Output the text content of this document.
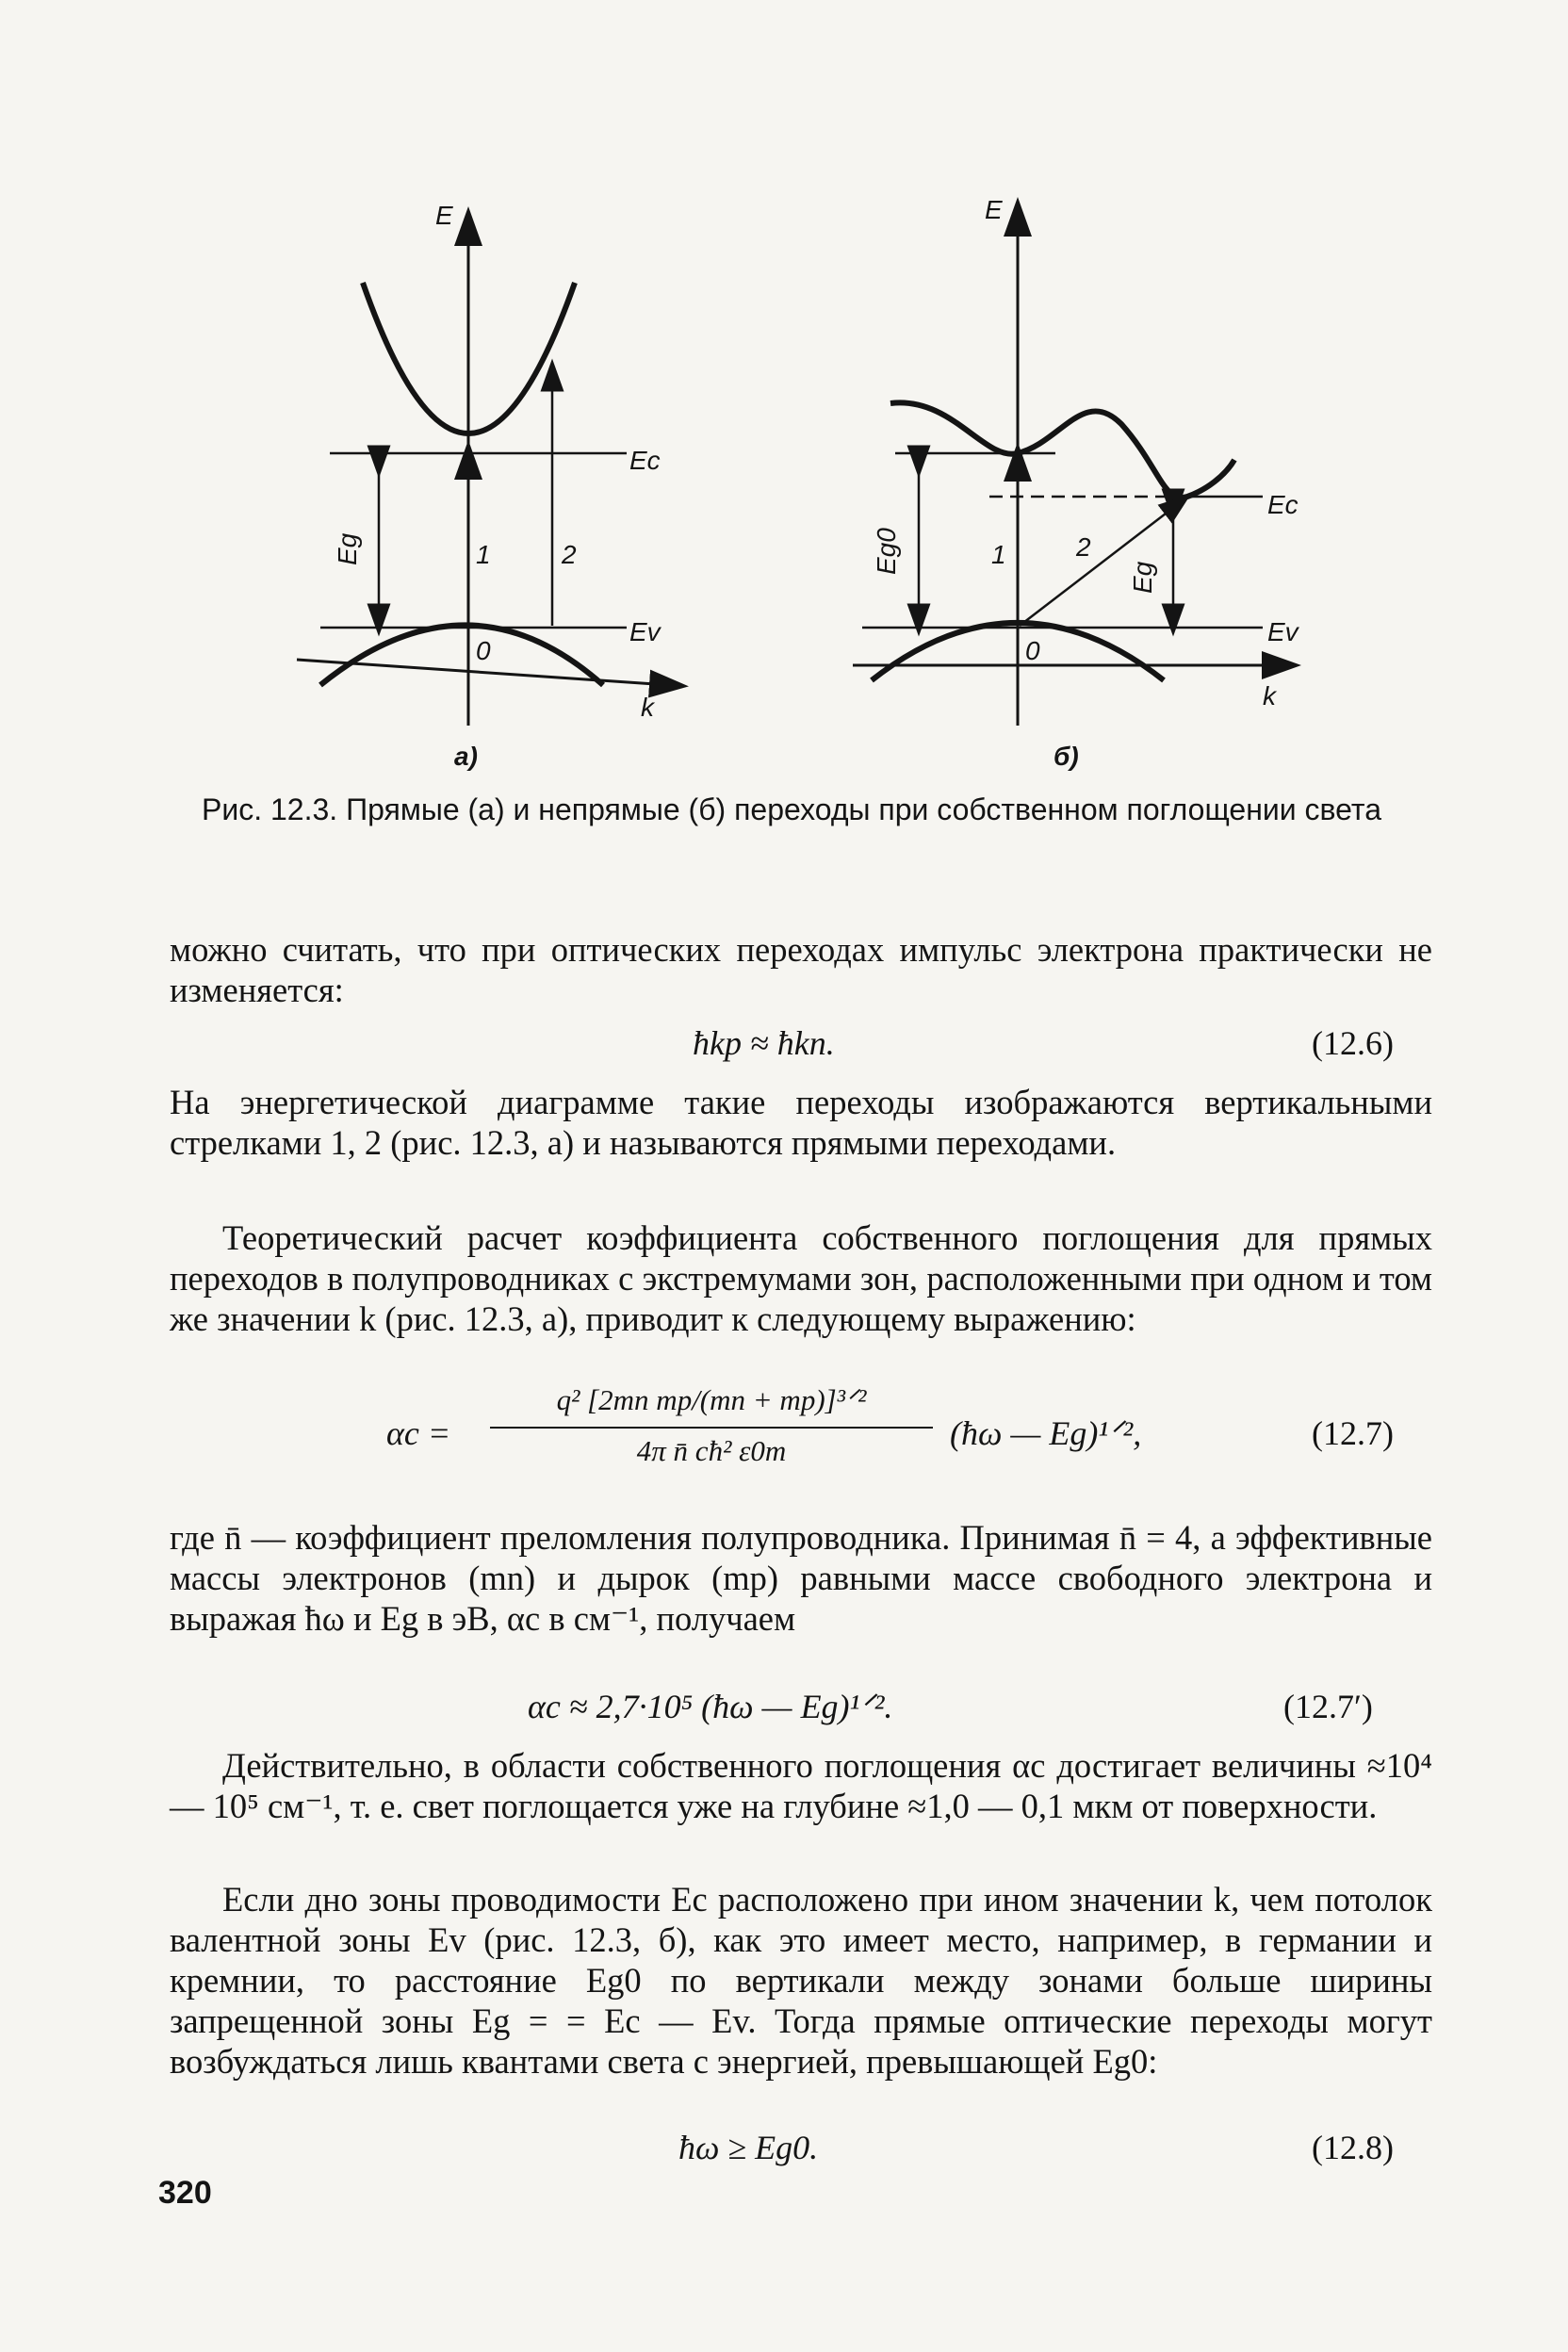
E
k
Ec
Ev
Eg	1	2
0
а)
E
k
Ec
Ev
Eg0
Eg
1	2
0
б)
Рис. 12.3. Прямые (а) и непрямые (б) переходы при собственном поглощении света
можно считать, что при оптических переходах импульс электрона практически не изменяется:
ħkp ≈ ħkn.	(12.6)
На энергетической диаграмме такие переходы изображаются вертикальными стрелками 1, 2 (рис. 12.3, а) и называются прямыми переходами.
Теоретический расчет коэффициента собственного поглощения для прямых переходов в полупроводниках с экстремумами зон, расположенными при одном и том же значении k (рис. 12.3, а), приводит к следующему выражению:
αc =
q² [2mn mp/(mn + mp)]³ᐟ²
4π n̄ cħ² ε0m	(ħω — Eg)¹ᐟ²,	(12.7)
где n̄ — коэффициент преломления полупроводника. Принимая n̄ = 4, а эффективные массы электронов (mn) и дырок (mp) равными массе свободного электрона и выражая ħω и Eg в эВ, αc в см⁻¹, получаем
αc ≈ 2,7·10⁵ (ħω — Eg)¹ᐟ².	(12.7′)
Действительно, в области собственного поглощения αc достигает величины ≈10⁴ — 10⁵ см⁻¹, т. е. свет поглощается уже на глубине ≈1,0 — 0,1 мкм от поверхности.
Если дно зоны проводимости Ec расположено при ином значении k, чем потолок валентной зоны Ev (рис. 12.3, б), как это имеет место, например, в германии и кремнии, то расстояние Eg0 по вертикали между зонами больше ширины запрещенной зоны Eg = = Ec — Ev. Тогда прямые оптические переходы могут возбуждаться лишь квантами света с энергией, превышающей Eg0:
ħω ≥ Eg0.	(12.8)
320
